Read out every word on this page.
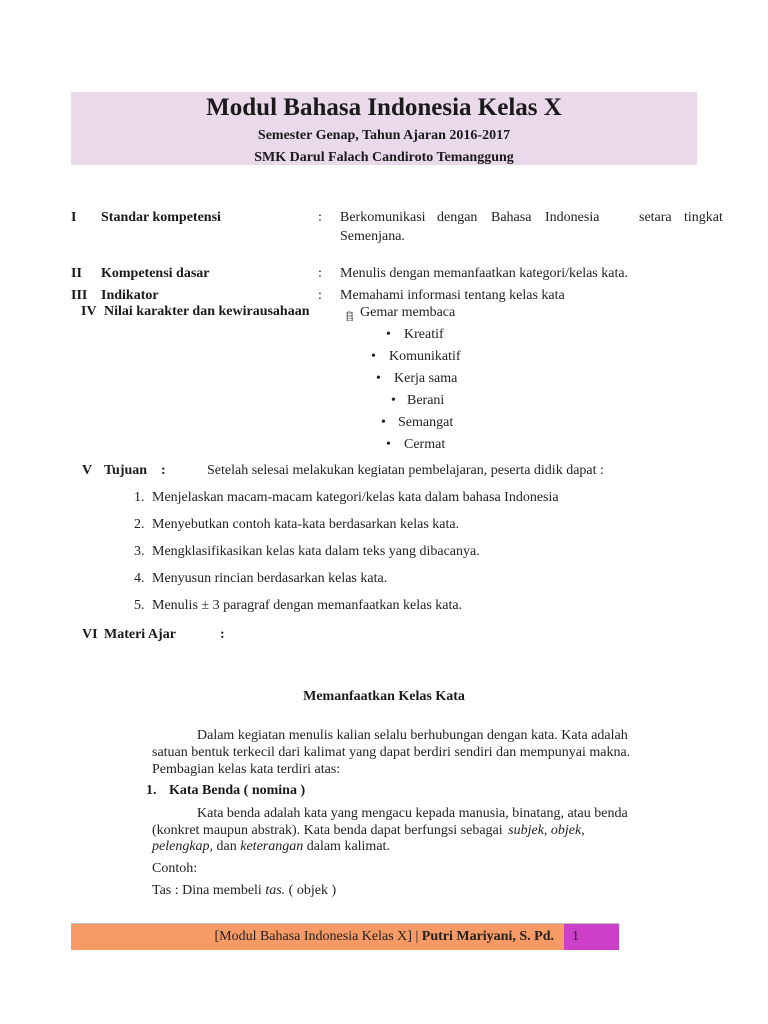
Modul Bahasa Indonesia Kelas X
Semester Genap, Tahun Ajaran 2016-2017
SMK Darul Falach Candiroto Temanggung
I Standar kompetensi	: Berkomunikasi dengan Bahasa Indonesia	setara tingkat
Semenjana.
II Kompetensi dasar	: Menulis dengan memanfaatkan kategori/kelas kata.
III Indikator	: Memahami informasi tentang kelas kata
IV Nilai karakter dan kewirausahaan	⻕ Gemar membaca
• Kreatif
• Komunikatif
• Kerja sama
• Berani
• Semangat
• Cermat
V Tujuan :	Setelah selesai melakukan kegiatan pembelajaran, peserta didik dapat :
1. Menjelaskan macam-macam kategori/kelas kata dalam bahasa Indonesia
2. Menyebutkan contoh kata-kata berdasarkan kelas kata.
3. Mengklasifikasikan kelas kata dalam teks yang dibacanya.
4. Menyusun rincian berdasarkan kelas kata.
5. Menulis ± 3 paragraf dengan memanfaatkan kelas kata.
VI Materi Ajar	:
Memanfaatkan Kelas Kata
Dalam kegiatan menulis kalian selalu berhubungan dengan kata. Kata adalah
satuan bentuk terkecil dari kalimat yang dapat berdiri sendiri dan mempunyai makna.
Pembagian kelas kata terdiri atas:
1. Kata Benda ( nomina )
Kata benda adalah kata yang mengacu kepada manusia, binatang, atau benda
(konkret maupun abstrak). Kata benda dapat berfungsi sebagai subjek, objek,
pelengkap, dan keterangan dalam kalimat.
Contoh:
Tas : Dina membeli tas. ( objek )
[Modul Bahasa Indonesia Kelas X] | Putri Mariyani, S. Pd.	1
